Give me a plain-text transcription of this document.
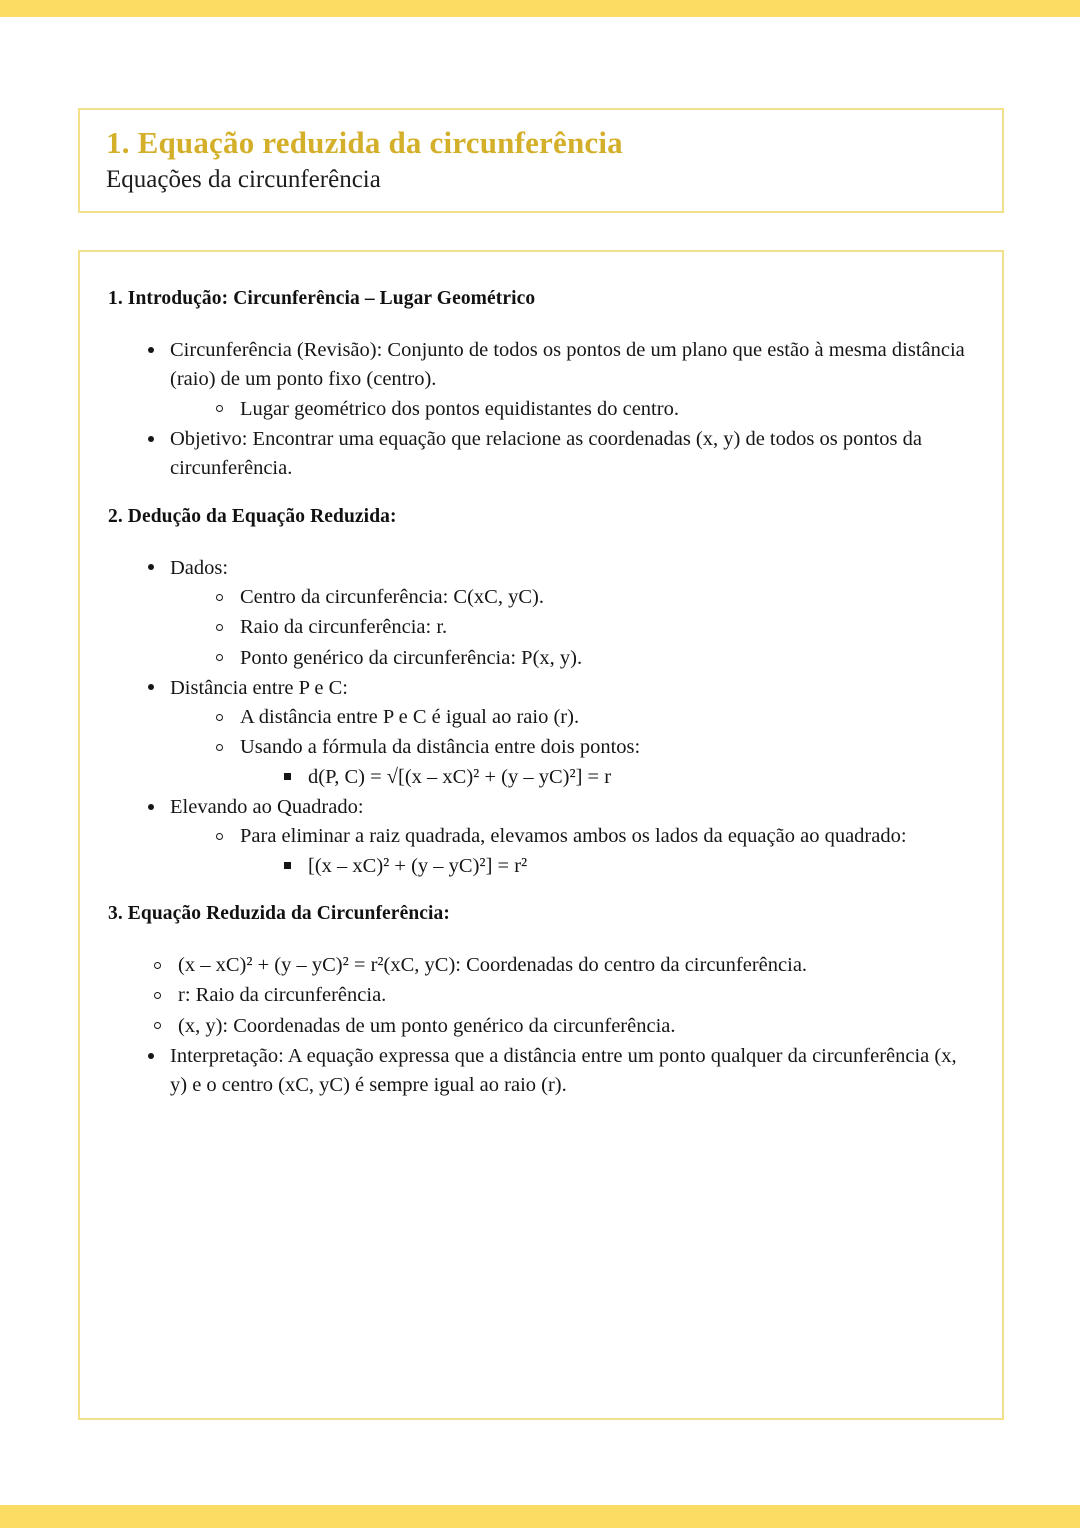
1. Equação reduzida da circunferência

Equações da circunferência

1. Introdução: Circunferência – Lugar Geométrico
Circunferência (Revisão): Conjunto de todos os pontos de um plano que estão à mesma distância (raio) de um ponto fixo (centro).
Lugar geométrico dos pontos equidistantes do centro.
Objetivo: Encontrar uma equação que relacione as coordenadas (x, y) de todos os pontos da circunferência.
2. Dedução da Equação Reduzida:
Dados:
Centro da circunferência: C(xC, yC).
Raio da circunferência: r.
Ponto genérico da circunferência: P(x, y).
Distância entre P e C:
A distância entre P e C é igual ao raio (r).
Usando a fórmula da distância entre dois pontos:
d(P, C) = √[(x – xC)² + (y – yC)²] = r
Elevando ao Quadrado:
Para eliminar a raiz quadrada, elevamos ambos os lados da equação ao quadrado:
[(x – xC)² + (y – yC)²] = r²
3. Equação Reduzida da Circunferência:
(x – xC)² + (y – yC)² = r²(xC, yC): Coordenadas do centro da circunferência.
r: Raio da circunferência.
(x, y): Coordenadas de um ponto genérico da circunferência.
Interpretação: A equação expressa que a distância entre um ponto qualquer da circunferência (x, y) e o centro (xC, yC) é sempre igual ao raio (r).
